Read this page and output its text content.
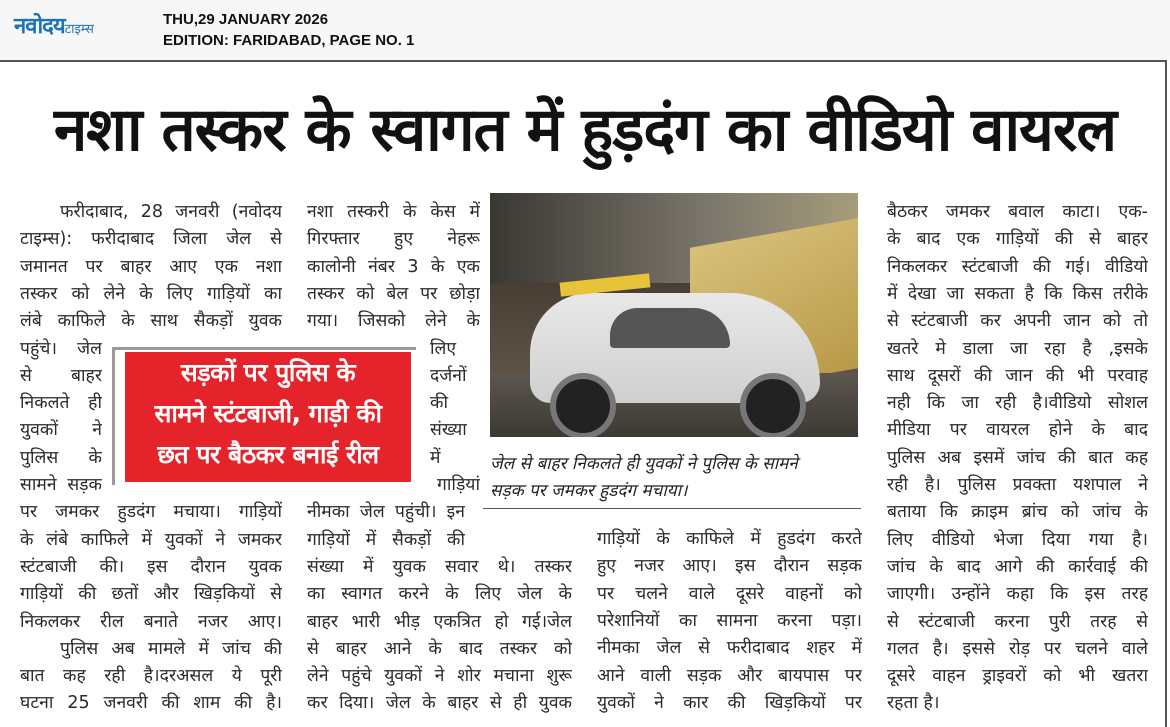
नवोदयटाइम्स
THU,29 JANUARY 2026
EDITION: FARIDABAD, PAGE NO. 1
नशा तस्कर के स्वागत में हुड़दंग का वीडियो वायरल
जेल से बाहर निकलते ही युवकों ने पुलिस के सामने
सड़क पर जमकर हुडदंग मचाया।
सड़कों पर पुलिस के
सामने स्टंटबाजी, गाड़ी की
छत पर बैठकर बनाई रील
फरीदाबाद, 28 जनवरी (नवोदय
टाइम्स): फरीदाबाद जिला जेल से
जमानत पर बाहर आए एक नशा
तस्कर को लेने के लिए गाड़ियों का
लंबे काफिले के साथ सैकड़ों युवक
पहुंचे। जेल
से बाहर
निकलते ही
युवकों ने
पुलिस के
सामने सड़क
पर जमकर हुडदंग मचाया। गाड़ियों
के लंबे काफिले में युवकों ने जमकर
स्टंटबाजी की। इस दौरान युवक
गाड़ियों की छतों और खिड़कियों से
निकलकर रील बनाते नजर आए।
पुलिस अब मामले में जांच की
बात कह रही है।दरअसल ये पूरी
घटना 25 जनवरी की शाम की है।
नशा तस्करी के केस में
गिरफ्तार हुए नेहरू
कालोनी नंबर 3 के एक
तस्कर को बेल पर छोड़ा
गया। जिसको लेने के
लिए
दर्जनों
की
संख्या
में
गाड़ियां
नीमका जेल पहुंची। इन
गाड़ियों में सैकड़ों की
संख्या में युवक सवार थे। तस्कर
का स्वागत करने के लिए जेल के
बाहर भारी भीड़ एकत्रित हो गई।जेल
से बाहर आने के बाद तस्कर को
लेने पहुंचे युवकों ने शोर मचाना शुरू
कर दिया। जेल के बाहर से ही युवक
गाड़ियों के काफिले में हुडदंग करते
हुए नजर आए। इस दौरान सड़क
पर चलने वाले दूसरे वाहनों को
परेशानियों का सामना करना पड़ा।
नीमका जेल से फरीदाबाद शहर में
आने वाली सड़क और बायपास पर
युवकों ने कार की खिड़कियों पर
बैठकर जमकर बवाल काटा। एक-
के बाद एक गाड़ियों की से बाहर
निकलकर स्टंटबाजी की गई। वीडियो
में देखा जा सकता है कि किस तरीके
से स्टंटबाजी कर अपनी जान को तो
खतरे मे डाला जा रहा है ,इसके
साथ दूसरों की जान की भी परवाह
नही कि जा रही है।वीडियो सोशल
मीडिया पर वायरल होने के बाद
पुलिस अब इसमें जांच की बात कह
रही है। पुलिस प्रवक्ता यशपाल ने
बताया कि क्राइम ब्रांच को जांच के
लिए वीडियो भेजा दिया गया है।
जांच के बाद आगे की कार्रवाई की
जाएगी। उन्होंने कहा कि इस तरह
से स्टंटबाजी करना पुरी तरह से
गलत है। इससे रोड़ पर चलने वाले
दूसरे वाहन ड्राइवरों को भी खतरा
रहता है।
